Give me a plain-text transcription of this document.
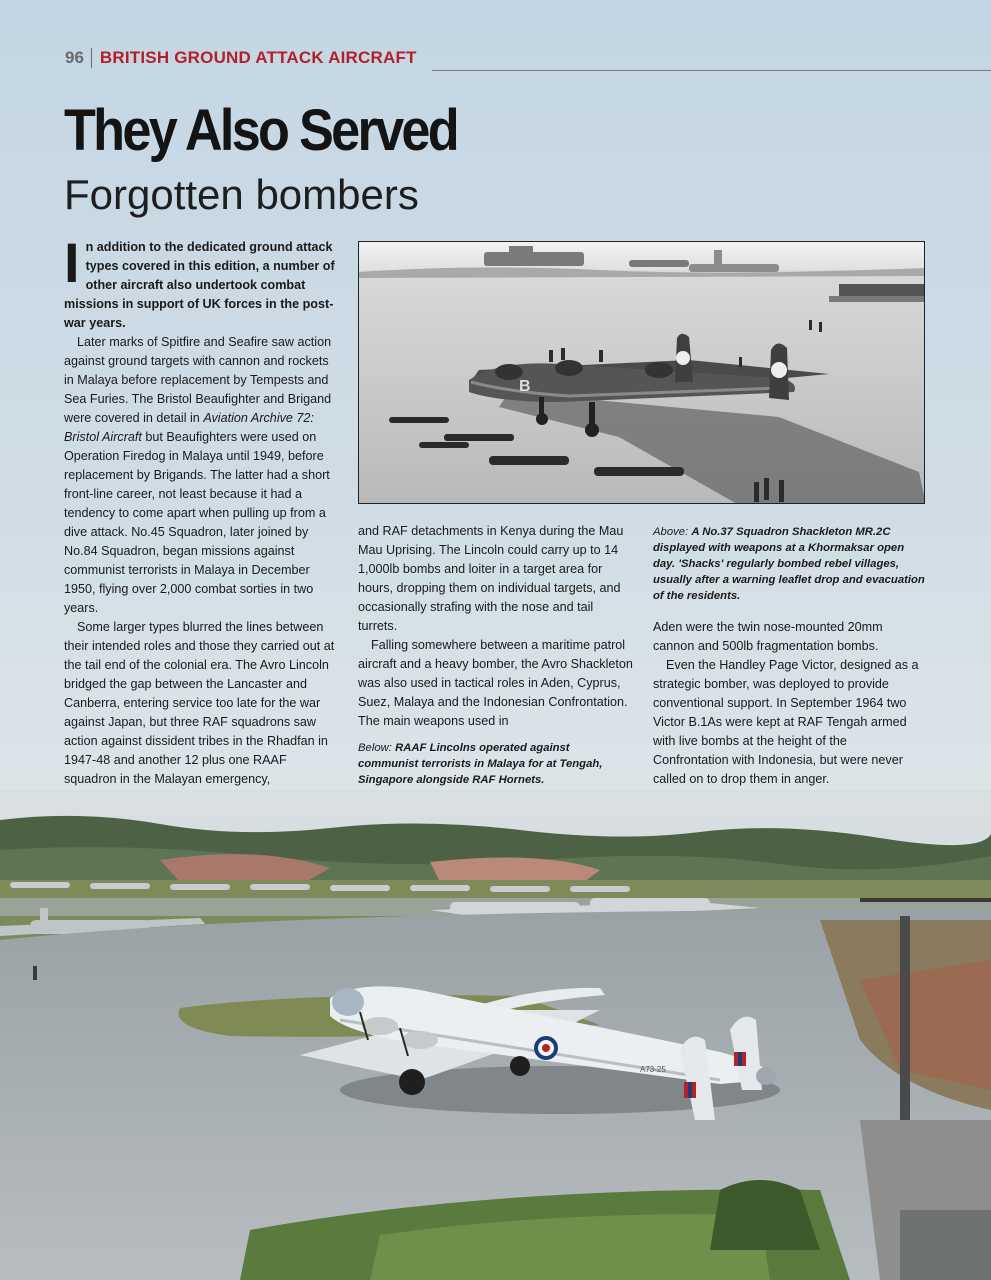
96 BRITISH GROUND ATTACK AIRCRAFT
They Also Served
Forgotten bombers

In addition to the dedicated ground attack types covered in this edition, a number of other aircraft also undertook combat missions in support of UK forces in the post-war years.

Later marks of Spitfire and Seafire saw action against ground targets with cannon and rockets in Malaya before replacement by Tempests and Sea Furies. The Bristol Beaufighter and Brigand were covered in detail in Aviation Archive 72: Bristol Aircraft but Beaufighters were used on Operation Firedog in Malaya until 1949, before replacement by Brigands. The latter had a short front-line career, not least because it had a tendency to come apart when pulling up from a dive attack. No.45 Squadron, later joined by No.84 Squadron, began missions against communist terrorists in Malaya in December 1950, flying over 2,000 combat sorties in two years.

Some larger types blurred the lines between their intended roles and those they carried out at the tail end of the colonial era. The Avro Lincoln bridged the gap between the Lancaster and Canberra, entering service too late for the war against Japan, but three RAF squadrons saw action against dissident tribes in the Rhadfan in 1947-48 and another 12 plus one RAAF squadron in the Malayan emergency,

B

and RAF detachments in Kenya during the Mau Mau Uprising. The Lincoln could carry up to 14 1,000lb bombs and loiter in a target area for hours, dropping them on individual targets, and occasionally strafing with the nose and tail turrets.

Falling somewhere between a maritime patrol aircraft and a heavy bomber, the Avro Shackleton was also used in tactical roles in Aden, Cyprus, Suez, Malaya and the Indonesian Confrontation. The main weapons used in

Below: RAAF Lincolns operated against communist terrorists in Malaya for at Tengah, Singapore alongside RAF Hornets.
Above: A No.37 Squadron Shackleton MR.2C displayed with weapons at a Khormaksar open day. 'Shacks' regularly bombed rebel villages, usually after a warning leaflet drop and evacuation of the residents.

Aden were the twin nose-mounted 20mm cannon and 500lb fragmentation bombs.

Even the Handley Page Victor, designed as a strategic bomber, was deployed to provide conventional support. In September 1964 two Victor B.1As were kept at RAF Tengah armed with live bombs at the height of the Confrontation with Indonesia, but were never called on to drop them in anger.

A73-25
